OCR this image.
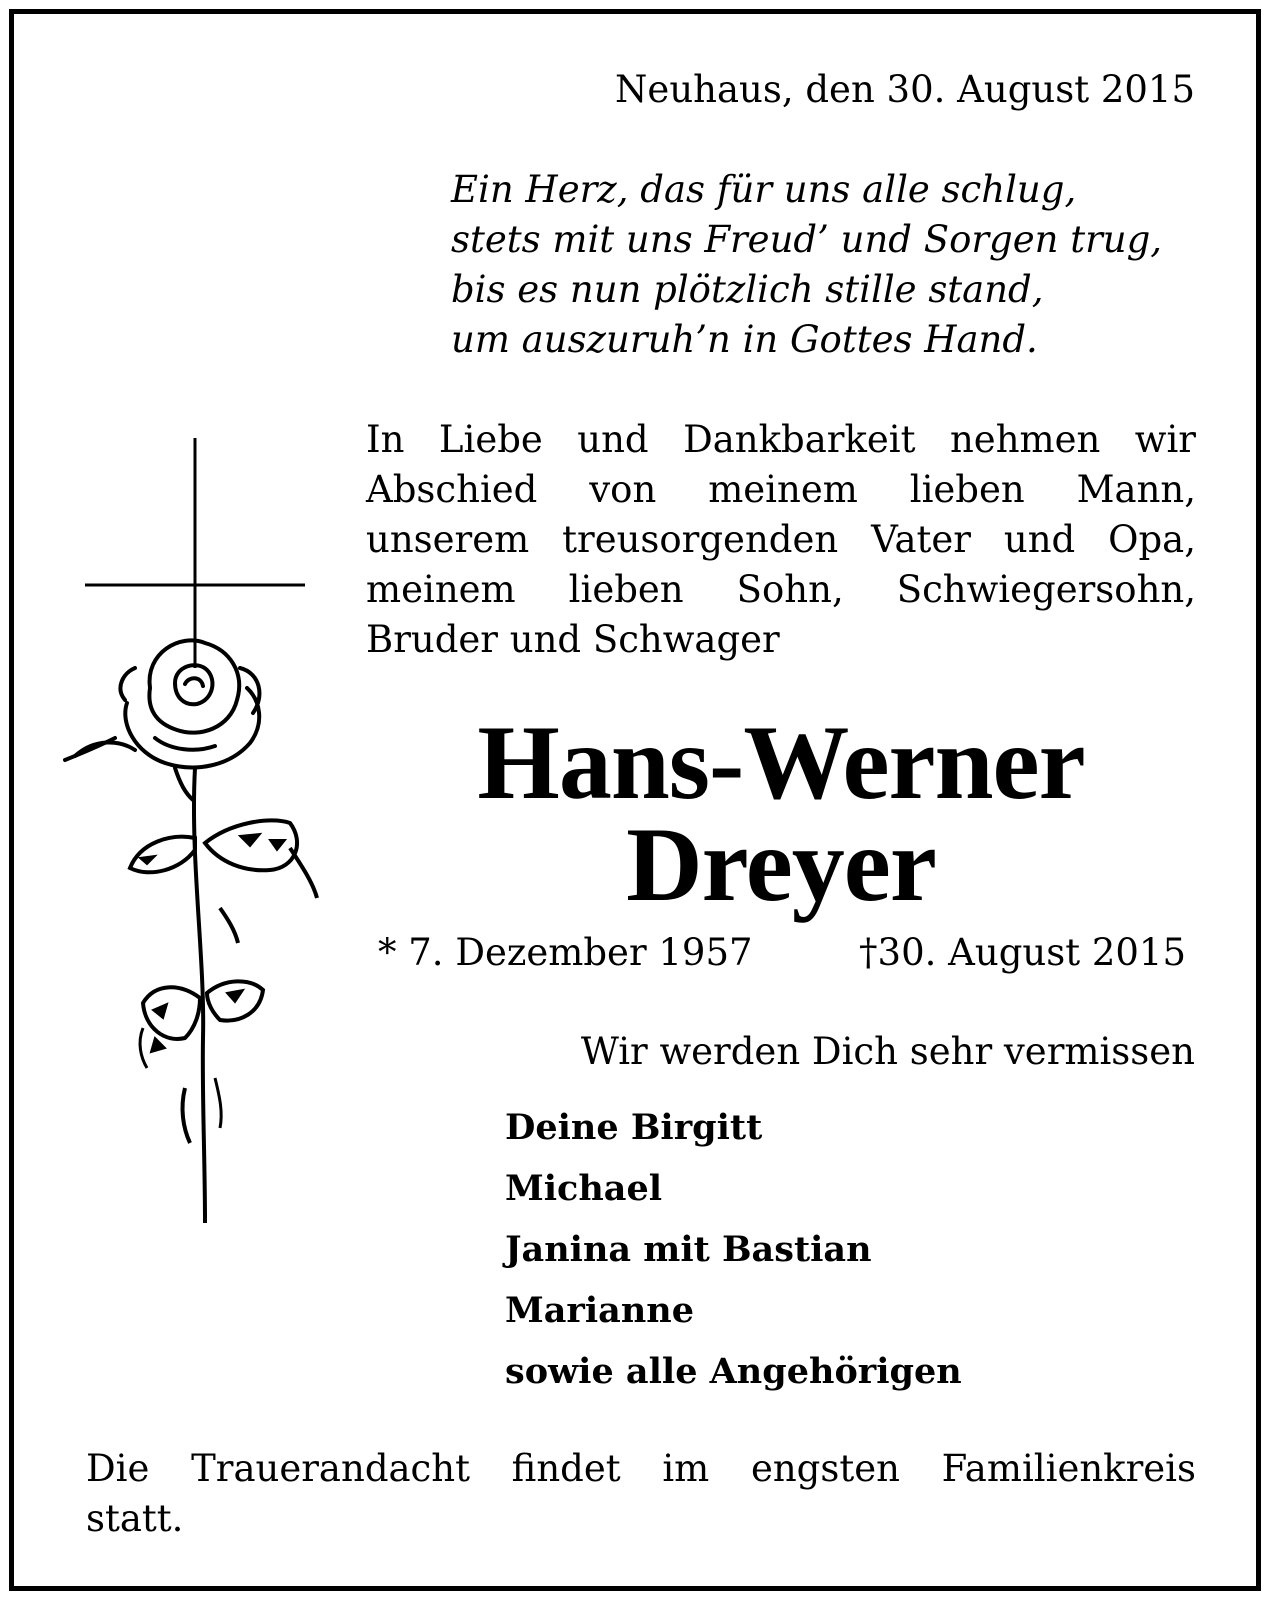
Neuhaus, den 30. August 2015
Ein Herz, das für uns alle schlug,
stets mit uns Freud’ und Sorgen trug,
bis es nun plötzlich stille stand,
um auszuruh’n in Gottes Hand.
In Liebe und Dankbarkeit nehmen wir
Abschied von meinem lieben Mann,
unserem treusorgenden Vater und Opa,
meinem lieben Sohn, Schwiegersohn,
Bruder und Schwager
Hans-Werner
Dreyer
* 7. Dezember 1957	†30. August 2015
Wir werden Dich sehr vermissen
Deine Birgitt
Michael
Janina mit Bastian
Marianne
sowie alle Angehörigen
Die Trauerandacht findet im engsten Familienkreis
statt.
